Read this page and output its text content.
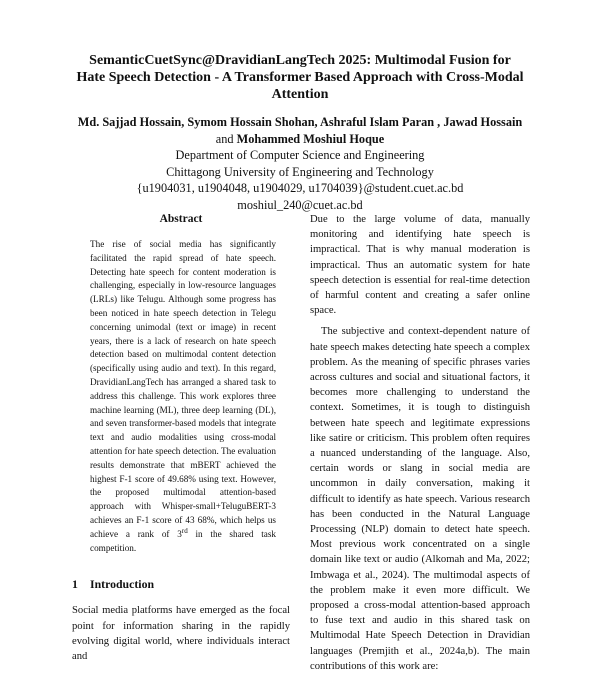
SemanticCuetSync@DravidianLangTech 2025: Multimodal Fusion for
Hate Speech Detection - A Transformer Based Approach with Cross-Modal
Attention
Md. Sajjad Hossain, Symom Hossain Shohan, Ashraful Islam Paran , Jawad Hossain
and Mohammed Moshiul Hoque
Department of Computer Science and Engineering
Chittagong University of Engineering and Technology
{u1904031, u1904048, u1904029, u1704039}@student.cuet.ac.bd
moshiul_240@cuet.ac.bd
Abstract

The rise of social media has significantly facilitated the rapid spread of hate speech. Detecting hate speech for content moderation is challenging, especially in low-resource languages (LRLs) like Telugu. Although some progress has been noticed in hate speech detection in Telegu concerning unimodal (text or image) in recent years, there is a lack of research on hate speech detection based on multimodal content detection (specifically using audio and text). In this regard, DravidianLangTech has arranged a shared task to address this challenge. This work explores three machine learning (ML), three deep learning (DL), and seven transformer-based models that integrate text and audio modalities using cross-modal attention for hate speech detection. The evaluation results demonstrate that mBERT achieved the highest F-1 score of 49.68% using text. However, the proposed multimodal attention-based approach with Whisper-small+TeluguBERT-3 achieves an F-1 score of 43 68%, which helps us achieve a rank of 3rd in the shared task competition.

1 Introduction

Social media platforms have emerged as the focal point for information sharing in the rapidly evolving digital world, where individuals interact and

Due to the large volume of data, manually monitoring and identifying hate speech is impractical. That is why manual moderation is impractical. Thus an automatic system for hate speech detection is essential for real-time detection of harmful content and creating a safer online space.

The subjective and context-dependent nature of hate speech makes detecting hate speech a complex problem. As the meaning of specific phrases varies across cultures and social and situational factors, it becomes more challenging to understand the context. Sometimes, it is tough to distinguish between hate speech and legitimate expressions like satire or criticism. This problem often requires a nuanced understanding of the language. Also, certain words or slang in social media are uncommon in daily conversation, making it difficult to identify as hate speech. Various research has been conducted in the Natural Language Processing (NLP) domain to detect hate speech. Most previous work concentrated on a single domain like text or audio (Alkomah and Ma, 2022; Imbwaga et al., 2024). The multimodal aspects of the problem make it even more difficult. We proposed a cross-modal attention-based approach to fuse text and audio in this shared task on Multimodal Hate Speech Detection in Dravidian languages (Premjith et al., 2024a,b). The main contributions of this work are:
